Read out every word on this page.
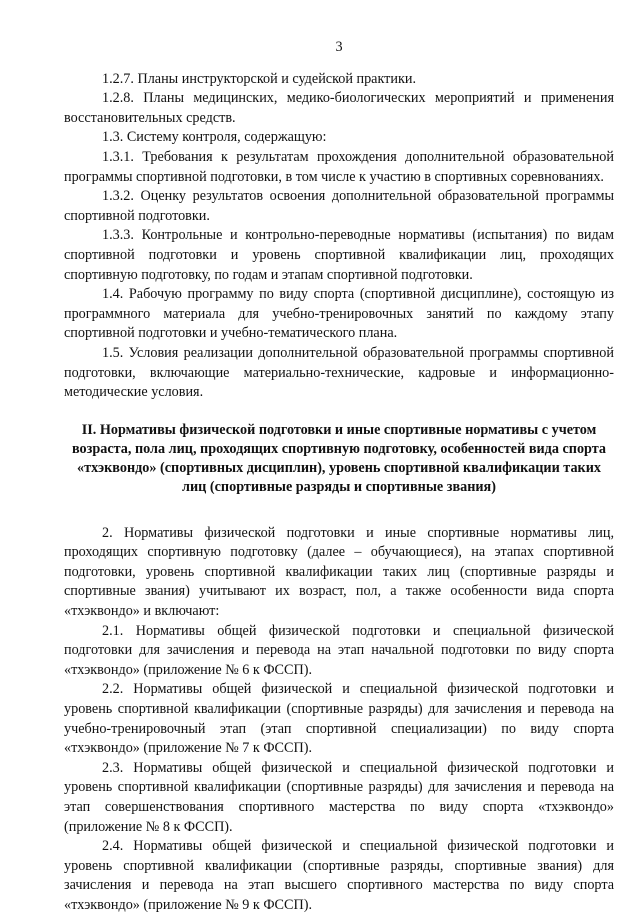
3

1.2.7. Планы инструкторской и судейской практики.

1.2.8. Планы медицинских, медико-биологических мероприятий и применения восстановительных средств.

1.3. Систему контроля, содержащую:

1.3.1. Требования к результатам прохождения дополнительной образовательной программы спортивной подготовки, в том числе к участию в спортивных соревнованиях.

1.3.2. Оценку результатов освоения дополнительной образовательной программы спортивной подготовки.

1.3.3. Контрольные и контрольно-переводные нормативы (испытания) по видам спортивной подготовки и уровень спортивной квалификации лиц, проходящих спортивную подготовку, по годам и этапам спортивной подготовки.

1.4. Рабочую программу по виду спорта (спортивной дисциплине), состоящую из программного материала для учебно-тренировочных занятий по каждому этапу спортивной подготовки и учебно-тематического плана.

1.5. Условия реализации дополнительной образовательной программы спортивной подготовки, включающие материально-технические, кадровые и информационно-методические условия.

II. Нормативы физической подготовки и иные спортивные нормативы с учетом возраста, пола лиц, проходящих спортивную подготовку, особенностей вида спорта «тхэквондо» (спортивных дисциплин), уровень спортивной квалификации таких лиц (спортивные разряды и спортивные звания)

2. Нормативы физической подготовки и иные спортивные нормативы лиц, проходящих спортивную подготовку (далее – обучающиеся), на этапах спортивной подготовки, уровень спортивной квалификации таких лиц (спортивные разряды и спортивные звания) учитывают их возраст, пол, а также особенности вида спорта «тхэквондо» и включают:

2.1. Нормативы общей физической подготовки и специальной физической подготовки для зачисления и перевода на этап начальной подготовки по виду спорта «тхэквондо» (приложение № 6 к ФССП).

2.2. Нормативы общей физической и специальной физической подготовки и уровень спортивной квалификации (спортивные разряды) для зачисления и перевода на учебно-тренировочный этап (этап спортивной специализации) по виду спорта «тхэквондо» (приложение № 7 к ФССП).

2.3. Нормативы общей физической и специальной физической подготовки и уровень спортивной квалификации (спортивные разряды) для зачисления и перевода на этап совершенствования спортивного мастерства по виду спорта «тхэквондо» (приложение № 8 к ФССП).

2.4. Нормативы общей физической и специальной физической подготовки и уровень спортивной квалификации (спортивные разряды, спортивные звания) для зачисления и перевода на этап высшего спортивного мастерства по виду спорта «тхэквондо» (приложение № 9 к ФССП).
